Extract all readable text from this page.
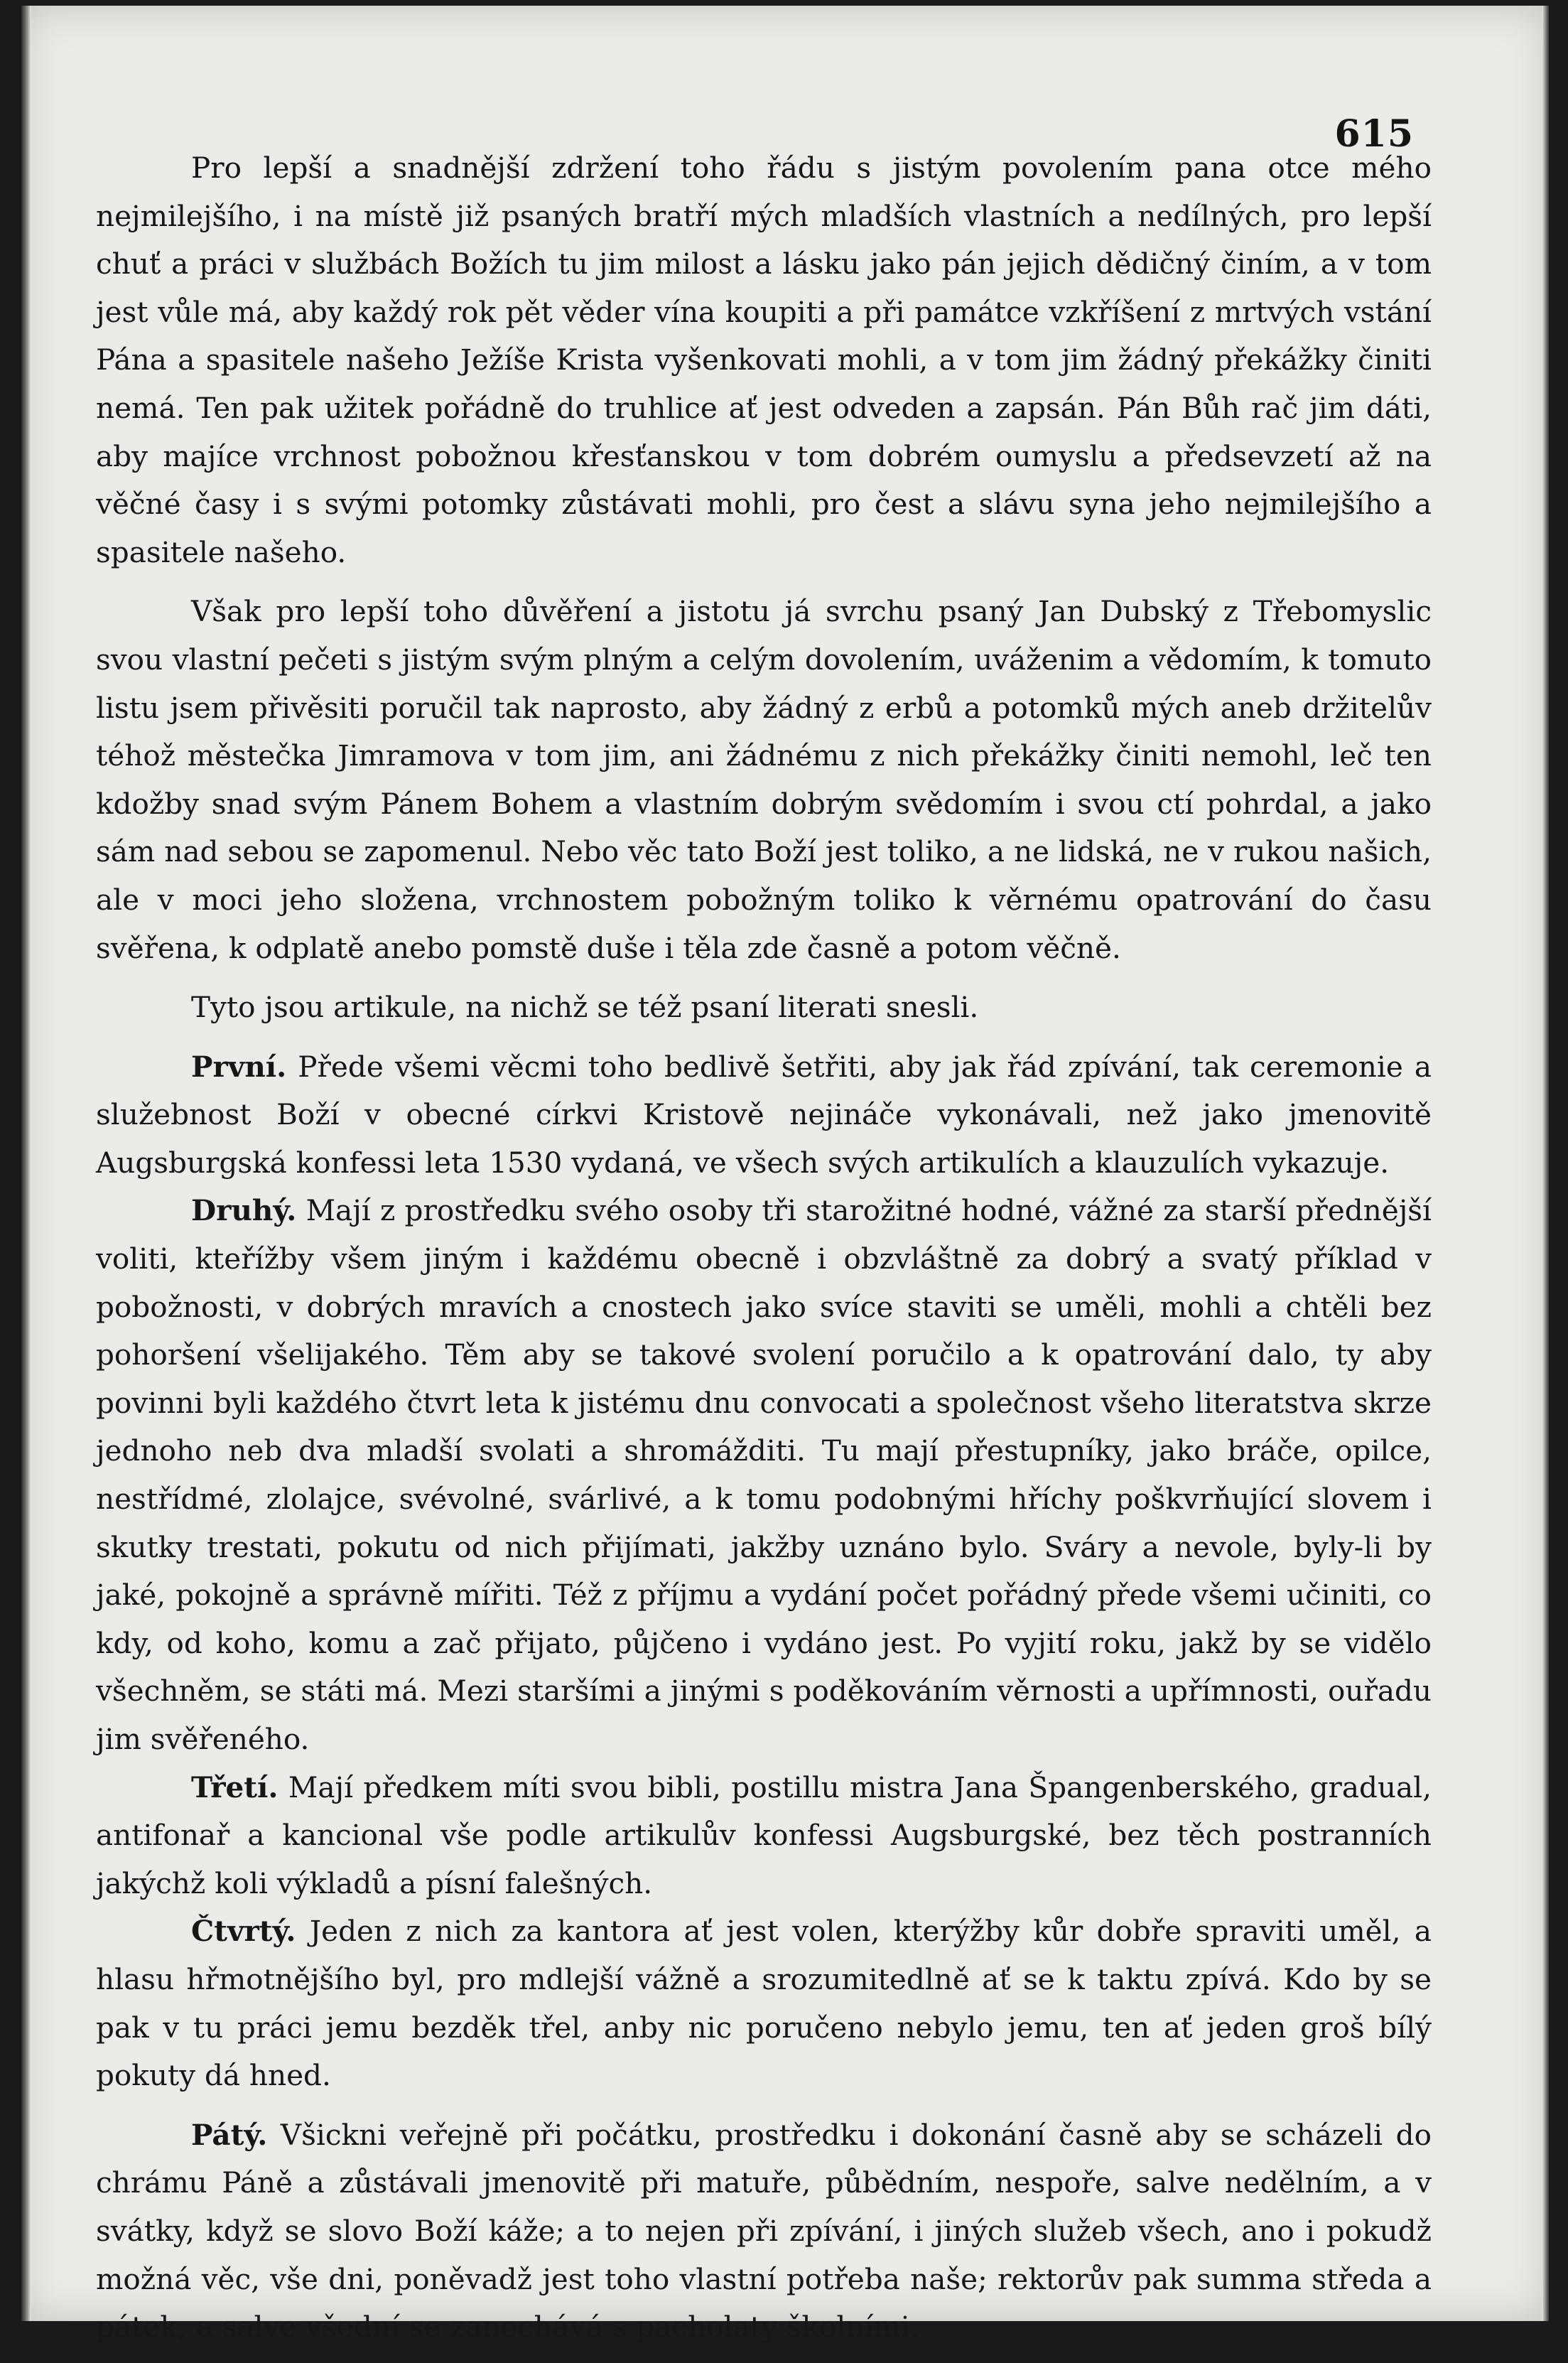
615

Pro lepší a snadnější zdržení toho řádu s jistým povolením pana otce mého nejmilejšího, i na místě již psaných bratří mých mladších vlastních a nedílných, pro lepší chuť a práci v službách Božích tu jim milost a lásku jako pán jejich dědičný činím, a v tom jest vůle má, aby každý rok pět věder vína koupiti a při památce vzkříšení z mrtvých vstání Pána a spasitele našeho Ježíše Krista vyšenkovati mohli, a v tom jim žádný překážky činiti nemá. Ten pak užitek pořádně do truhlice ať jest odveden a zapsán. Pán Bůh rač jim dáti, aby majíce vrchnost pobožnou křesťanskou v tom dobrém oumyslu a předsevzetí až na věčné časy i s svými potomky zůstávati mohli, pro čest a slávu syna jeho nejmilejšího a spasitele našeho.

Však pro lepší toho důvěření a jistotu já svrchu psaný Jan Dubský z Třebomyslic svou vlastní pečeti s jistým svým plným a celým dovolením, uváženim a vědomím, k tomuto listu jsem přivěsiti poručil tak naprosto, aby žádný z erbů a potomků mých aneb držitelův téhož městečka Jimramova v tom jim, ani žádnému z nich překážky činiti nemohl, leč ten kdožby snad svým Pánem Bohem a vlastním dobrým svědomím i svou ctí pohrdal, a jako sám nad sebou se zapomenul. Nebo věc tato Boží jest toliko, a ne lidská, ne v rukou našich, ale v moci jeho složena, vrchnostem pobožným toliko k věrnému opatrování do času svěřena, k odplatě anebo pomstě duše i těla zde časně a potom věčně.

Tyto jsou artikule, na nichž se též psaní literati snesli.

První. Přede všemi věcmi toho bedlivě šetřiti, aby jak řád zpívání, tak ceremonie a služebnost Boží v obecné církvi Kristově nejináče vykonávali, než jako jmenovitě Augsburgská konfessi leta 1530 vydaná, ve všech svých artikulích a klauzulích vykazuje.

Druhý. Mají z prostředku svého osoby tři starožitné hodné, vážné za starší přednější voliti, kteřížby všem jiným i každému obecně i obzvláštně za dobrý a svatý příklad v pobožnosti, v dobrých mravích a cnostech jako svíce staviti se uměli, mohli a chtěli bez pohoršení všelijakého. Těm aby se takové svolení poručilo a k opatrování dalo, ty aby povinni byli každého čtvrt leta k jistému dnu convocati a společnost všeho literatstva skrze jednoho neb dva mladší svolati a shromážditi. Tu mají přestupníky, jako bráče, opilce, nestřídmé, zlolajce, svévolné, svárlivé, a k tomu podobnými hříchy poškvrňující slovem i skutky trestati, pokutu od nich přijímati, jakžby uznáno bylo. Sváry a nevole, byly-li by jaké, pokojně a správně mířiti. Též z příjmu a vydání počet pořádný přede všemi učiniti, co kdy, od koho, komu a zač přijato, půjčeno i vydáno jest. Po vyjití roku, jakž by se vidělo všechněm, se státi má. Mezi staršími a jinými s poděkováním věrnosti a upřímnosti, ouřadu jim svěřeného.

Třetí. Mají předkem míti svou bibli, postillu mistra Jana Špangenberského, gradual, antifonař a kancional vše podle artikulův konfessi Augsburgské, bez těch postranních jakýchž koli výkladů a písní falešných.

Čtvrtý. Jeden z nich za kantora ať jest volen, kterýžby kůr dobře spraviti uměl, a hlasu hřmotnějšího byl, pro mdlejší vážně a srozumitedlně ať se k taktu zpívá. Kdo by se pak v tu práci jemu bezděk třel, anby nic poručeno nebylo jemu, ten ať jeden groš bílý pokuty dá hned.

Pátý. Všickni veřejně při počátku, prostředku i dokonání časně aby se scházeli do chrámu Páně a zůstávali jmenovitě při matuře, půbědním, nespoře, salve nedělním, a v svátky, když se slovo Boží káže; a to nejen při zpívání, i jiných služeb všech, ano i pokudž možná věc, vše dni, poněvadž jest toho vlastní potřeba naše; rektorův pak summa středa a pátek, a salve všední se zanechává s pacholaty školními.
